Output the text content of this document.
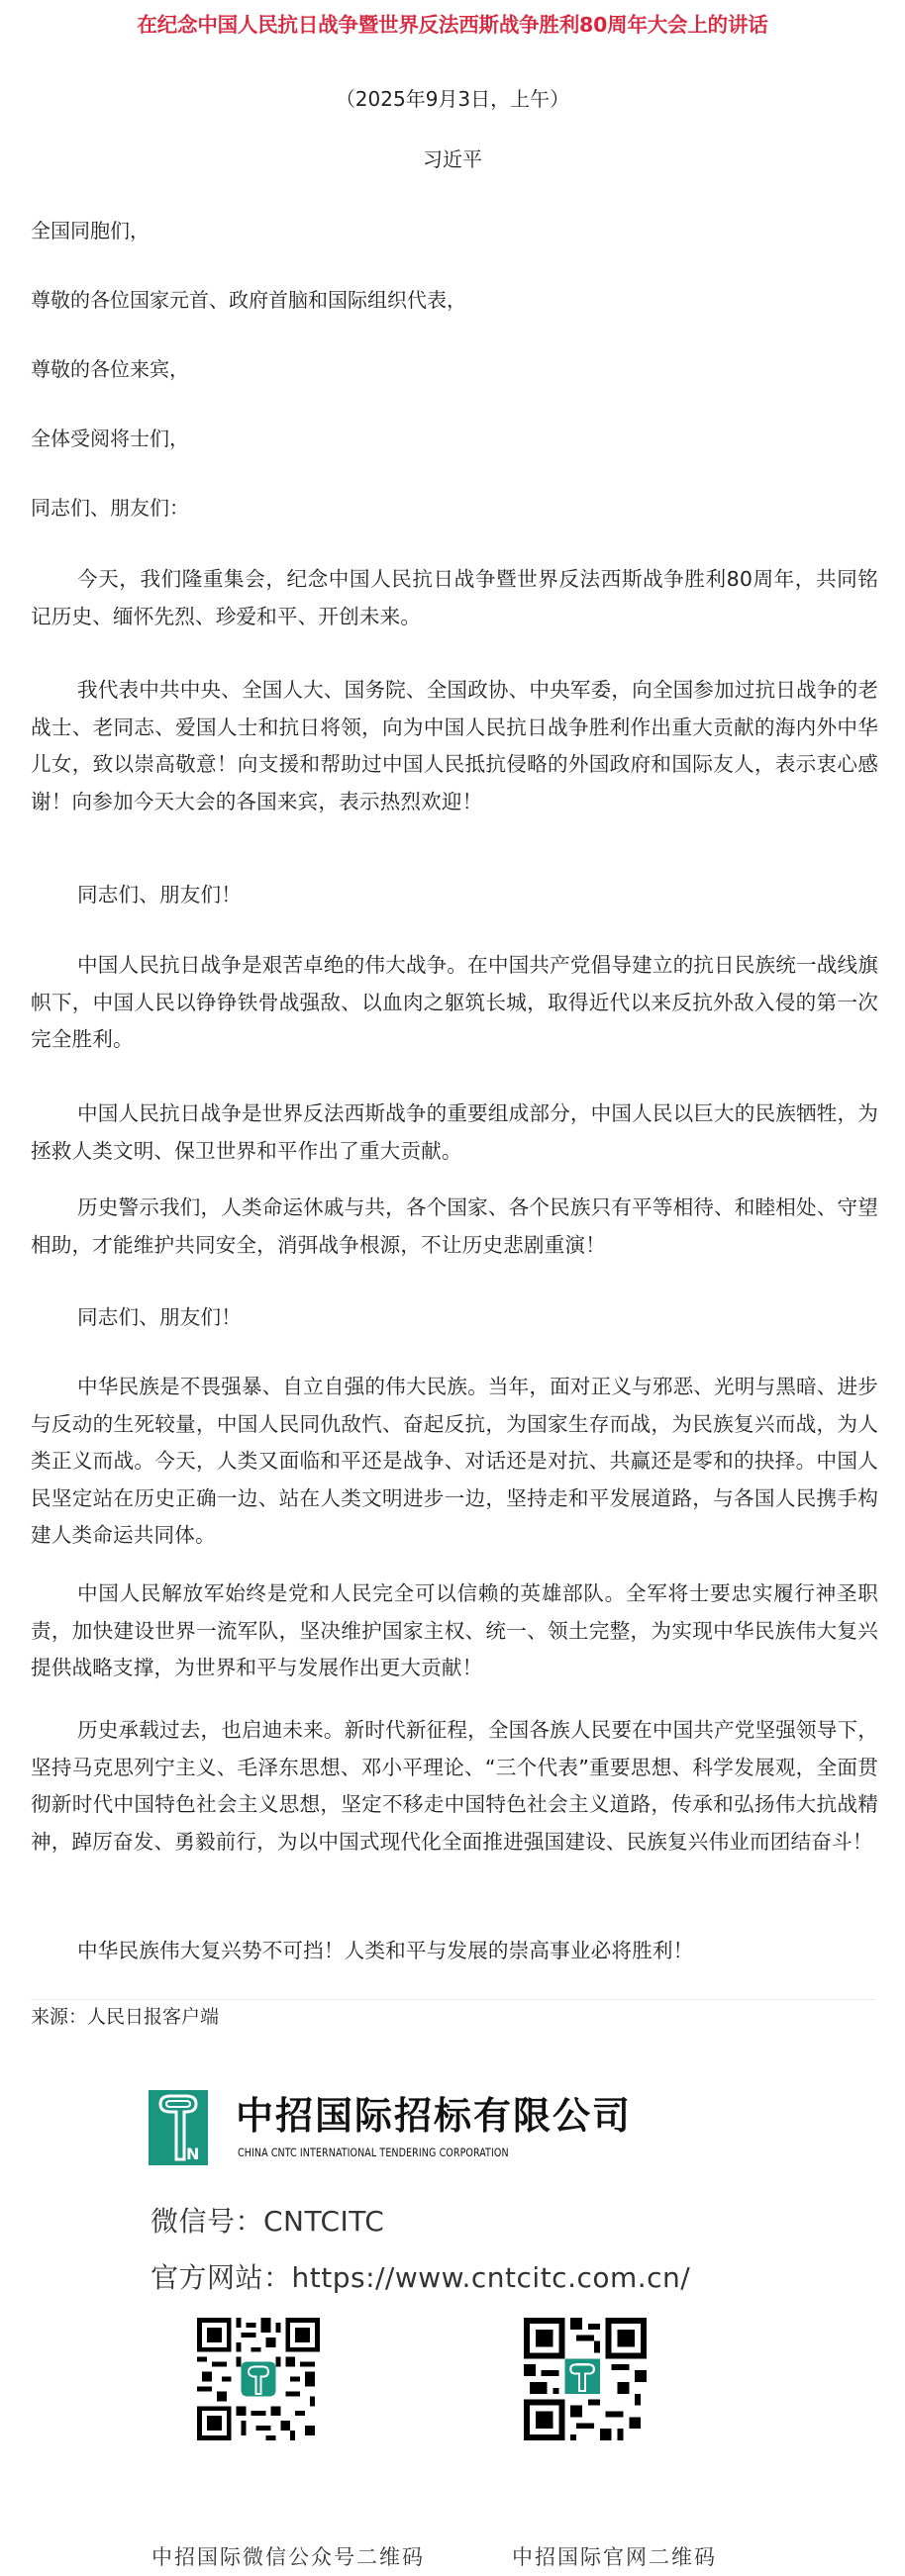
在纪念中国人民抗日战争暨世界反法西斯战争胜利80周年大会上的讲话
（2025年9月3日，上午）
习近平
全国同胞们，
尊敬的各位国家元首、政府首脑和国际组织代表，
尊敬的各位来宾，
全体受阅将士们，
同志们、朋友们：
今天，我们隆重集会，纪念中国人民抗日战争暨世界反法西斯战争胜利80周年，共同铭记历史、缅怀先烈、珍爱和平、开创未来。
我代表中共中央、全国人大、国务院、全国政协、中央军委，向全国参加过抗日战争的老战士、老同志、爱国人士和抗日将领，向为中国人民抗日战争胜利作出重大贡献的海内外中华儿女，致以崇高敬意！向支援和帮助过中国人民抵抗侵略的外国政府和国际友人，表示衷心感谢！向参加今天大会的各国来宾，表示热烈欢迎！
同志们、朋友们！
中国人民抗日战争是艰苦卓绝的伟大战争。在中国共产党倡导建立的抗日民族统一战线旗帜下，中国人民以铮铮铁骨战强敌、以血肉之躯筑长城，取得近代以来反抗外敌入侵的第一次完全胜利。
中国人民抗日战争是世界反法西斯战争的重要组成部分，中国人民以巨大的民族牺牲，为拯救人类文明、保卫世界和平作出了重大贡献。
历史警示我们，人类命运休戚与共，各个国家、各个民族只有平等相待、和睦相处、守望相助，才能维护共同安全，消弭战争根源，不让历史悲剧重演！
同志们、朋友们！
中华民族是不畏强暴、自立自强的伟大民族。当年，面对正义与邪恶、光明与黑暗、进步与反动的生死较量，中国人民同仇敌忾、奋起反抗，为国家生存而战，为民族复兴而战，为人类正义而战。今天，人类又面临和平还是战争、对话还是对抗、共赢还是零和的抉择。中国人民坚定站在历史正确一边、站在人类文明进步一边，坚持走和平发展道路，与各国人民携手构建人类命运共同体。
中国人民解放军始终是党和人民完全可以信赖的英雄部队。全军将士要忠实履行神圣职责，加快建设世界一流军队，坚决维护国家主权、统一、领土完整，为实现中华民族伟大复兴提供战略支撑，为世界和平与发展作出更大贡献！
历史承载过去，也启迪未来。新时代新征程，全国各族人民要在中国共产党坚强领导下，坚持马克思列宁主义、毛泽东思想、邓小平理论、“三个代表”重要思想、科学发展观，全面贯彻新时代中国特色社会主义思想，坚定不移走中国特色社会主义道路，传承和弘扬伟大抗战精神，踔厉奋发、勇毅前行，为以中国式现代化全面推进强国建设、民族复兴伟业而团结奋斗！
中华民族伟大复兴势不可挡！人类和平与发展的崇高事业必将胜利！
来源：人民日报客户端
N
中招国际招标有限公司
CHINA CNTC INTERNATIONAL TENDERING CORPORATION
微信号：CNTCITC
官方网站：https://www.cntcitc.com.cn/
中招国际微信公众号二维码	中招国际官网二维码
